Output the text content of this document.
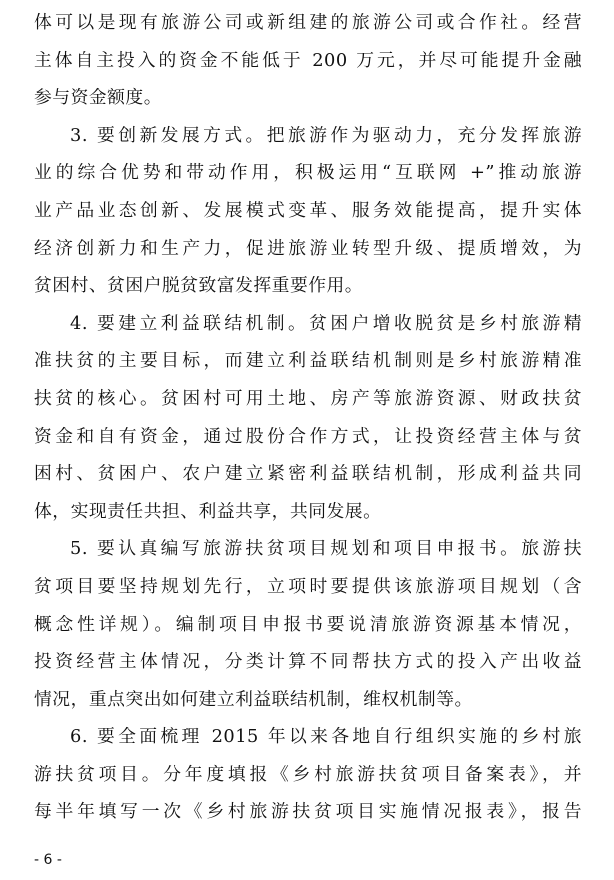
体可以是现有旅游公司或新组建的旅游公司或合作社。经营
主体自主投入的资金不能低于 200 万元，并尽可能提升金融
参与资金额度。
3. 要创新发展方式。把旅游作为驱动力，充分发挥旅游
业的综合优势和带动作用，积极运用“互联网 +”推动旅游
业产品业态创新、发展模式变革、服务效能提高，提升实体
经济创新力和生产力，促进旅游业转型升级、提质增效，为
贫困村、贫困户脱贫致富发挥重要作用。
4. 要建立利益联结机制。贫困户增收脱贫是乡村旅游精
准扶贫的主要目标，而建立利益联结机制则是乡村旅游精准
扶贫的核心。贫困村可用土地、房产等旅游资源、财政扶贫
资金和自有资金，通过股份合作方式，让投资经营主体与贫
困村、贫困户、农户建立紧密利益联结机制，形成利益共同
体，实现责任共担、利益共享，共同发展。
5. 要认真编写旅游扶贫项目规划和项目申报书。旅游扶
贫项目要坚持规划先行，立项时要提供该旅游项目规划（含
概念性详规）。编制项目申报书要说清旅游资源基本情况，
投资经营主体情况，分类计算不同帮扶方式的投入产出收益
情况，重点突出如何建立利益联结机制，维权机制等。
6. 要全面梳理 2015 年以来各地自行组织实施的乡村旅
游扶贫项目。分年度填报《乡村旅游扶贫项目备案表》，并
每半年填写一次《乡村旅游扶贫项目实施情况报表》，报告
- 6 -
